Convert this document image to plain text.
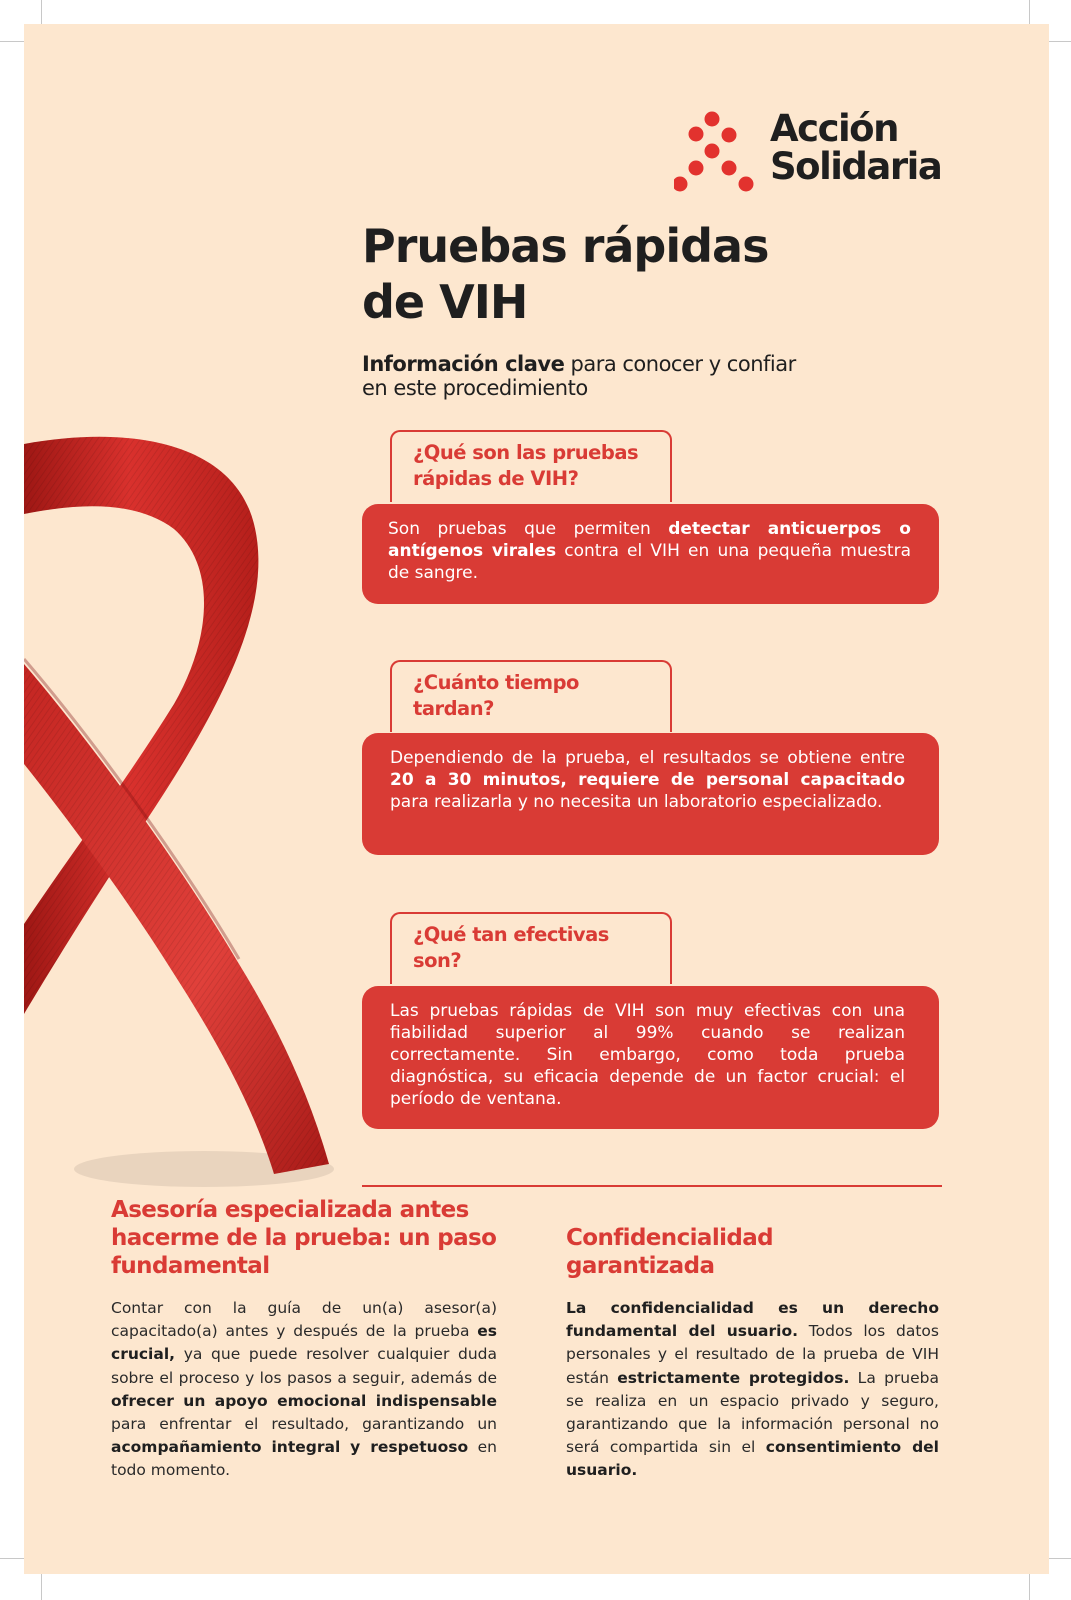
Acción
Solidaria
Pruebas rápidas
de VIH
Información clave para conocer y confiar
en este procedimiento
¿Qué son las pruebas
rápidas de VIH?
Son pruebas que permiten detectar anticuerpos o antígenos virales contra el VIH en una pequeña muestra de sangre.
¿Cuánto tiempo
tardan?
Dependiendo de la prueba, el resultados se obtiene entre 20 a 30 minutos, requiere de personal capacitado para realizarla y no necesita un laboratorio especializado.
¿Qué tan efectivas
son?
Las pruebas rápidas de VIH son muy efectivas con una fiabilidad superior al 99% cuando se realizan correctamente. Sin embargo, como toda prueba diagnóstica, su eficacia depende de un factor crucial: el período de ventana.
Asesoría especializada antes
hacerme de la prueba: un paso
fundamental
Contar con la guía de un(a) asesor(a) capacitado(a) antes y después de la prueba es crucial, ya que puede resolver cualquier duda sobre el proceso y los pasos a seguir, además de ofrecer un apoyo emocional indispensable para enfrentar el resultado, garantizando un acompañamiento integral y respetuoso en todo momento.
Confidencialidad
garantizada
La confidencialidad es un derecho fundamental del usuario. Todos los datos personales y el resultado de la prueba de VIH están estrictamente protegidos. La prueba se realiza en un espacio privado y seguro, garantizando que la información personal no será compartida sin el consentimiento del usuario.
